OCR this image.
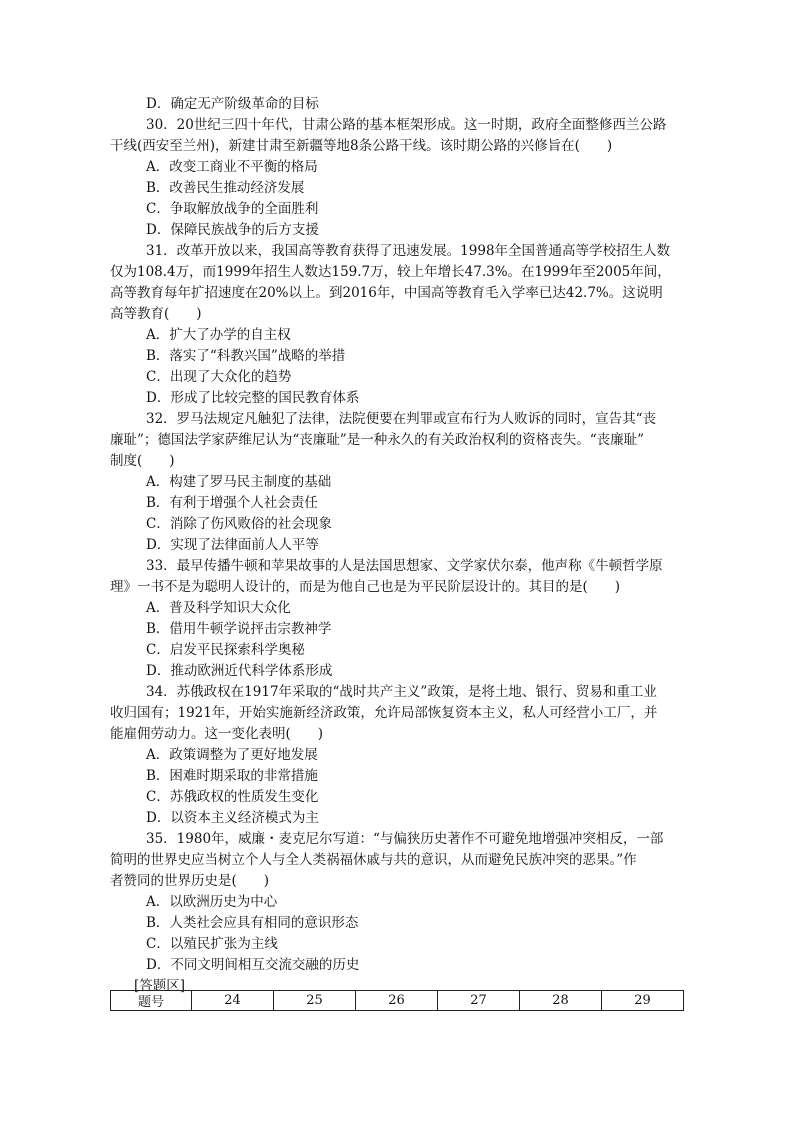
D．确定无产阶级革命的目标
30．20世纪三四十年代，甘肃公路的基本框架形成。这一时期，政府全面整修西兰公路
干线(西安至兰州)，新建甘肃至新疆等地8条公路干线。该时期公路的兴修旨在(　　)
A．改变工商业不平衡的格局
B．改善民生推动经济发展
C．争取解放战争的全面胜利
D．保障民族战争的后方支援
31．改革开放以来，我国高等教育获得了迅速发展。1998年全国普通高等学校招生人数
仅为108.4万，而1999年招生人数达159.7万，较上年增长47.3%。在1999年至2005年间，
高等教育每年扩招速度在20%以上。到2016年，中国高等教育毛入学率已达42.7%。这说明
高等教育(　　)
A．扩大了办学的自主权
B．落实了“科教兴国”战略的举措
C．出现了大众化的趋势
D．形成了比较完整的国民教育体系
32．罗马法规定凡触犯了法律，法院便要在判罪或宣布行为人败诉的同时，宣告其“丧
廉耻”；德国法学家萨维尼认为“丧廉耻”是一种永久的有关政治权利的资格丧失。“丧廉耻”
制度(　　)
A．构建了罗马民主制度的基础
B．有利于增强个人社会责任
C．消除了伤风败俗的社会现象
D．实现了法律面前人人平等
33．最早传播牛顿和苹果故事的人是法国思想家、文学家伏尔泰，他声称《牛顿哲学原
理》一书不是为聪明人设计的，而是为他自己也是为平民阶层设计的。其目的是(　　)
A．普及科学知识大众化
B．借用牛顿学说抨击宗教神学
C．启发平民探索科学奥秘
D．推动欧洲近代科学体系形成
34．苏俄政权在1917年采取的“战时共产主义”政策，是将土地、银行、贸易和重工业
收归国有；1921年，开始实施新经济政策，允许局部恢复资本主义，私人可经营小工厂，并
能雇佣劳动力。这一变化表明(　　)
A．政策调整为了更好地发展
B．困难时期采取的非常措施
C．苏俄政权的性质发生变化
D．以资本主义经济模式为主
35．1980年，威廉・麦克尼尔写道：“与偏狭历史著作不可避免地增强冲突相反，一部
简明的世界史应当树立个人与全人类祸福休戚与共的意识，从而避免民族冲突的恶果。”作
者赞同的世界历史是(　　)
A．以欧洲历史为中心
B．人类社会应具有相同的意识形态
C．以殖民扩张为主线
D．不同文明间相互交流交融的历史
[答题区]
题号	24	25	26	27	28	29
